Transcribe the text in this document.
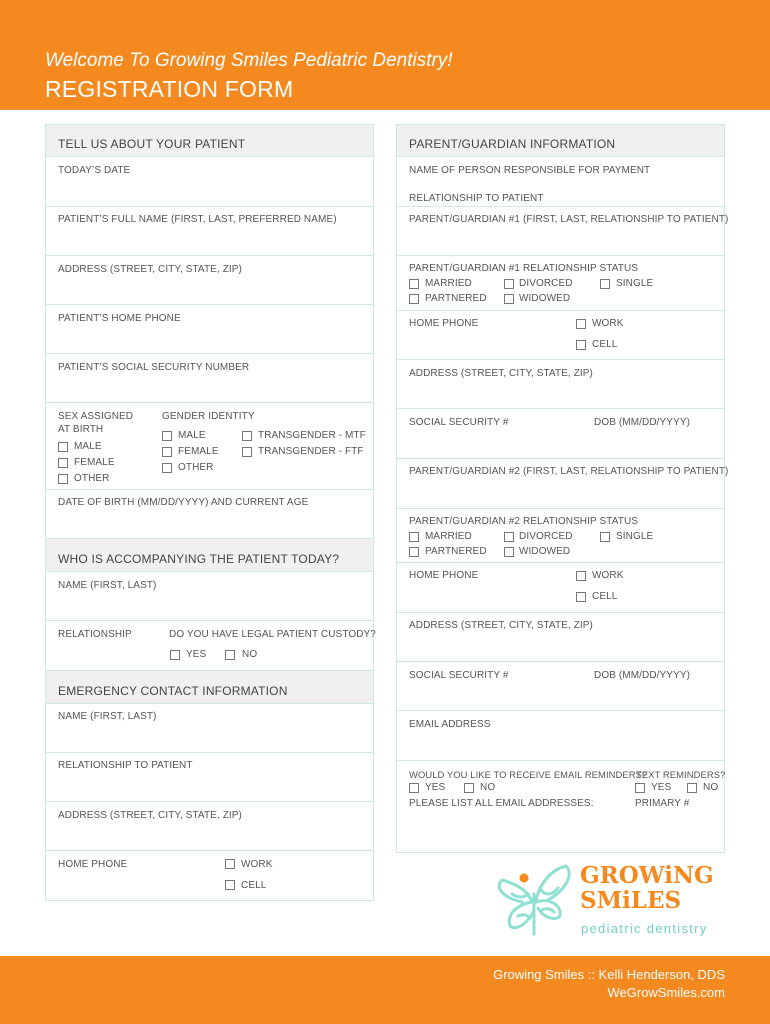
Welcome To Growing Smiles Pediatric Dentistry!
REGISTRATION FORM
TELL US ABOUT YOUR PATIENT
TODAY’S DATE
PATIENT’S FULL NAME (FIRST, LAST, PREFERRED NAME)
ADDRESS (STREET, CITY, STATE, ZIP)
PATIENT’S HOME PHONE
PATIENT’S SOCIAL SECURITY NUMBER
SEX ASSIGNED
AT BIRTH
MALE
FEMALE
OTHER
GENDER IDENTITY
MALE
FEMALE
OTHER
TRANSGENDER - MTF
TRANSGENDER - FTF
DATE OF BIRTH (MM/DD/YYYY) AND CURRENT AGE
WHO IS ACCOMPANYING THE PATIENT TODAY?
NAME (FIRST, LAST)
RELATIONSHIP	DO YOU HAVE LEGAL PATIENT CUSTODY?
YES	NO
EMERGENCY CONTACT INFORMATION
NAME (FIRST, LAST)
RELATIONSHIP TO PATIENT
ADDRESS (STREET, CITY, STATE, ZIP)
HOME PHONE	WORK
CELL
PARENT/GUARDIAN INFORMATION
NAME OF PERSON RESPONSIBLE FOR PAYMENT
RELATIONSHIP TO PATIENT
PARENT/GUARDIAN #1 (FIRST, LAST, RELATIONSHIP TO PATIENT)
PARENT/GUARDIAN #1 RELATIONSHIP STATUS
MARRIED	DIVORCED	SINGLE
PARTNERED	WIDOWED
HOME PHONE	WORK
CELL
ADDRESS (STREET, CITY, STATE, ZIP)
SOCIAL SECURITY #	DOB (MM/DD/YYYY)
PARENT/GUARDIAN #2 (FIRST, LAST, RELATIONSHIP TO PATIENT)
PARENT/GUARDIAN #2 RELATIONSHIP STATUS
MARRIED	DIVORCED	SINGLE
PARTNERED	WIDOWED
HOME PHONE	WORK
CELL
ADDRESS (STREET, CITY, STATE, ZIP)
SOCIAL SECURITY #	DOB (MM/DD/YYYY)
EMAIL ADDRESS
WOULD YOU LIKE TO RECEIVE EMAIL REMINDERS?
TEXT REMINDERS?
YES	NO	YES	NO
PLEASE LIST ALL EMAIL ADDRESSES:	PRIMARY #
GROWiNG
SMiLES
pediatric dentistry
Growing Smiles :: Kelli Henderson, DDS
WeGrowSmiles.com
